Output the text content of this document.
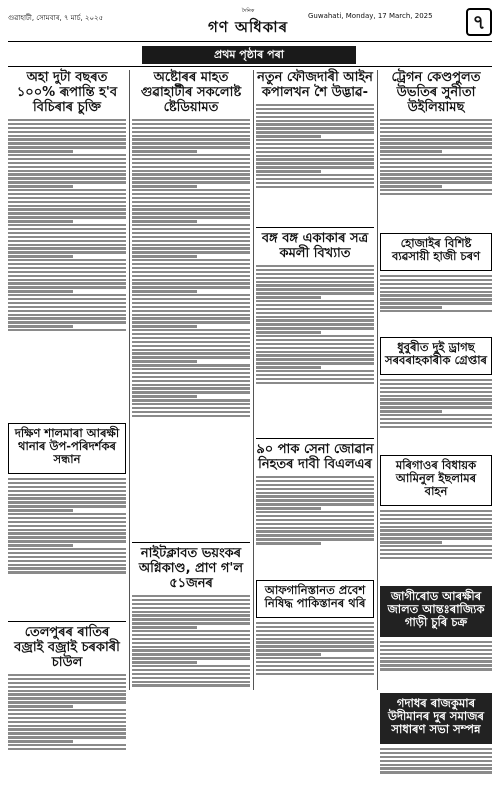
গুৱাহাটী, সোমবাৰ, ৭ মাৰ্চ, ২০২৫
দৈনিক
গণ অধিকাৰ
Guwahati, Monday, 17 March, 2025	৭
প্ৰথম পৃষ্ঠাৰ পৰা
অহা দুটা বছৰত ১০০% ৰূপান্তি হ'ব বিচিৰাৰ চুক্তি
দক্ষিণ শালমাৰা আৰক্ষী থানাৰ উপ-পৰিদৰ্শকৰ সন্ধান
তেলপুৰৰ ৰাতিৰ বজ্ৰাই বজ্ৰাই চৰকাৰী চাউল
অষ্টোৰৰ মাহত গুৱাহাটীৰ সকলোষ্ট ষ্টেডিয়ামত
নাইটক্লাবত ভয়ংকৰ অগ্নিকাণ্ড, প্ৰাণ গ'ল ৫১জনৰ
নতুন ফৌজদাৰী আইন কপালখন শৈ উদ্ভাৱ-
বঙ্গ বঙ্গ একাকাৰ সত্ৰ কমলী বিখ্যাত
৯০ পাক সেনা জোৱান নিহতৰ দাবী বিএলএৰ
আফগানিস্তানত প্ৰবেশ নিষিদ্ধ পাকিস্তানৰ থৰি
ট্ৰেগন কেণ্ডপুলত উভতিৰ সুনীতা উইলিয়ামছ
হোজাইৰ বিশিষ্ট ব্যৱসায়ী হাজী চৰণ
ধুবুৰীত দুই ড্ৰাগছ সৰবৰাহকাৰীক গ্ৰেপ্তাৰ
মৰিগাওৰ বিধায়ক আমিনুল ইছলামৰ বাহন
জাগীৰোড আৰক্ষীৰ জালত আন্তঃৰাজ্যিক গাড়ী চুৰি চক্ৰ
গদাধৰ ৰাজকুমাৰ উদীমানৰ দুৰ সমাজৰ সাধাৰণ সভা সম্পন্ন
